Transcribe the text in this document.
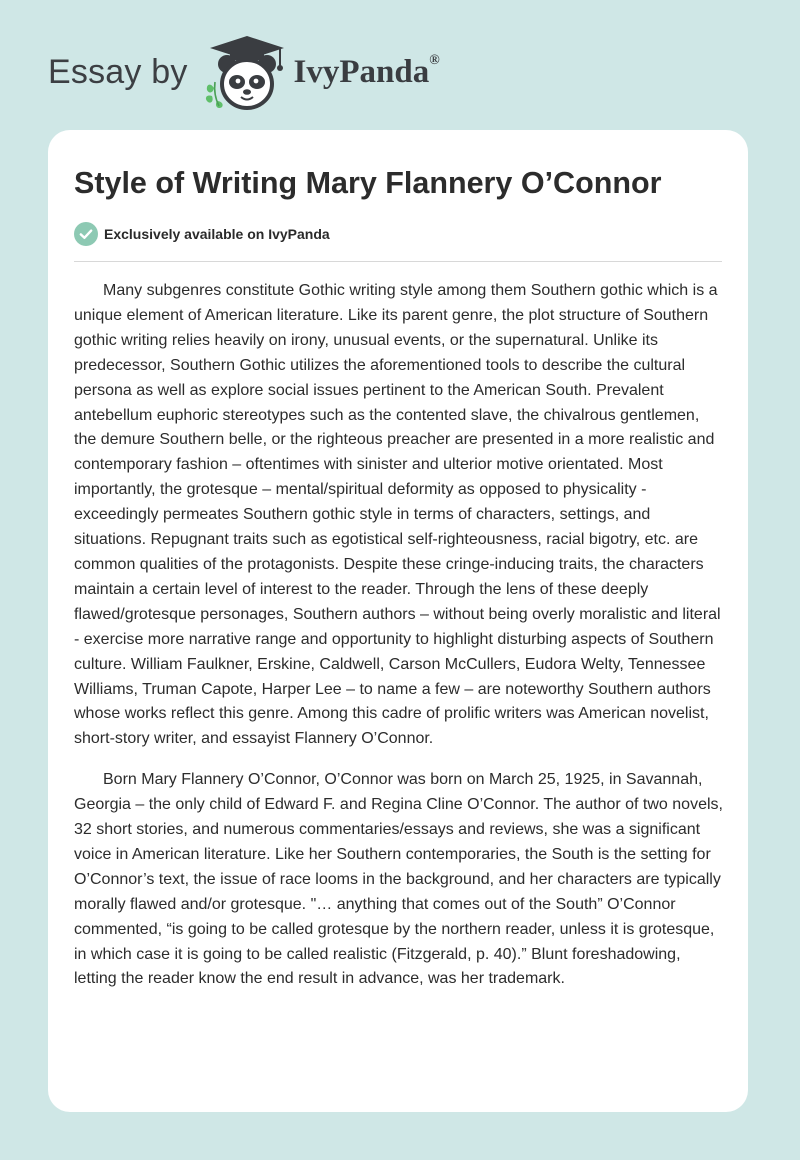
Essay by	IvyPanda®
Style of Writing Mary Flannery O’Connor
Exclusively available on IvyPanda

Many subgenres constitute Gothic writing style among them Southern gothic which is a unique element of American literature. Like its parent genre, the plot structure of Southern gothic writing relies heavily on irony, unusual events, or the supernatural. Unlike its predecessor, Southern Gothic utilizes the aforementioned tools to describe the cultural persona as well as explore social issues pertinent to the American South. Prevalent antebellum euphoric stereotypes such as the contented slave, the chivalrous gentlemen, the demure Southern belle, or the righteous preacher are presented in a more realistic and contemporary fashion – oftentimes with sinister and ulterior motive orientated. Most importantly, the grotesque – mental/spiritual deformity as opposed to physicality - exceedingly permeates Southern gothic style in terms of characters, settings, and situations. Repugnant traits such as egotistical self-righteousness, racial bigotry, etc. are common qualities of the protagonists. Despite these cringe-inducing traits, the characters maintain a certain level of interest to the reader. Through the lens of these deeply flawed/grotesque personages, Southern authors – without being overly moralistic and literal - exercise more narrative range and opportunity to highlight disturbing aspects of Southern culture. William Faulkner, Erskine, Caldwell, Carson McCullers, Eudora Welty, Tennessee Williams, Truman Capote, Harper Lee – to name a few – are noteworthy Southern authors whose works reflect this genre. Among this cadre of prolific writers was American novelist, short-story writer, and essayist Flannery O’Connor.

Born Mary Flannery O’Connor, O’Connor was born on March 25, 1925, in Savannah, Georgia – the only child of Edward F. and Regina Cline O’Connor. The author of two novels, 32 short stories, and numerous commentaries/essays and reviews, she was a significant voice in American literature. Like her Southern contemporaries, the South is the setting for O’Connor’s text, the issue of race looms in the background, and her characters are typically morally flawed and/or grotesque. "… anything that comes out of the South” O’Connor commented, “is going to be called grotesque by the northern reader, unless it is grotesque, in which case it is going to be called realistic (Fitzgerald, p. 40).” Blunt foreshadowing, letting the reader know the end result in advance, was her trademark.
